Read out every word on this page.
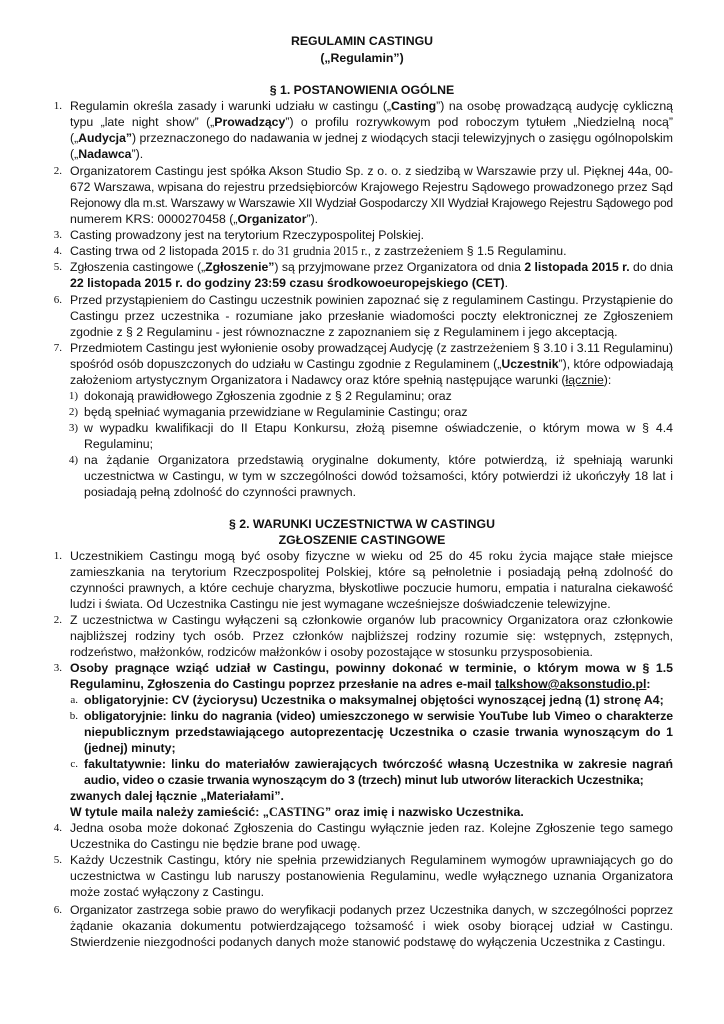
REGULAMIN CASTINGU
(„Regulamin”)
§ 1. POSTANOWIENIA OGÓLNE
1. Regulamin określa zasady i warunki udziału w castingu („Casting”) na osobę prowadzącą audycję cykliczną
typu „late night show” („Prowadzący”) o profilu rozrywkowym pod roboczym tytułem „Niedzielną nocą”
(„Audycja”) przeznaczonego do nadawania w jednej z wiodących stacji telewizyjnych o zasięgu ogólnopolskim
(„Nadawca”).
2. Organizatorem Castingu jest spółka Akson Studio Sp. z o. o. z siedzibą w Warszawie przy ul. Pięknej 44a, 00-
672 Warszawa, wpisana do rejestru przedsiębiorców Krajowego Rejestru Sądowego prowadzonego przez Sąd
Rejonowy dla m.st. Warszawy w Warszawie XII Wydział Gospodarczy XII Wydział Krajowego Rejestru Sądowego pod
numerem KRS: 0000270458 („Organizator”).
3. Casting prowadzony jest na terytorium Rzeczypospolitej Polskiej.
4. Casting trwa od 2 listopada 2015 r. do 31 grudnia 2015 r., z zastrzeżeniem § 1.5 Regulaminu.
5. Zgłoszenia castingowe („Zgłoszenie”) są przyjmowane przez Organizatora od dnia 2 listopada 2015 r. do dnia
22 listopada 2015 r. do godziny 23:59 czasu środkowoeuropejskiego (CET).
6. Przed przystąpieniem do Castingu uczestnik powinien zapoznać się z regulaminem Castingu. Przystąpienie do
Castingu przez uczestnika - rozumiane jako przesłanie wiadomości poczty elektronicznej ze Zgłoszeniem
zgodnie z § 2 Regulaminu - jest równoznaczne z zapoznaniem się z Regulaminem i jego akceptacją.
7. Przedmiotem Castingu jest wyłonienie osoby prowadzącej Audycję (z zastrzeżeniem § 3.10 i 3.11 Regulaminu)
spośród osób dopuszczonych do udziału w Castingu zgodnie z Regulaminem („Uczestnik”), które odpowiadają
założeniom artystycznym Organizatora i Nadawcy oraz które spełnią następujące warunki (łącznie):
1) dokonają prawidłowego Zgłoszenia zgodnie z § 2 Regulaminu; oraz
2) będą spełniać wymagania przewidziane w Regulaminie Castingu; oraz
3) w wypadku kwalifikacji do II Etapu Konkursu, złożą pisemne oświadczenie, o którym mowa w § 4.4
Regulaminu;
4) na żądanie Organizatora przedstawią oryginalne dokumenty, które potwierdzą, iż spełniają warunki
uczestnictwa w Castingu, w tym w szczególności dowód tożsamości, który potwierdzi iż ukończyły 18 lat i
posiadają pełną zdolność do czynności prawnych.
§ 2. WARUNKI UCZESTNICTWA W CASTINGU
ZGŁOSZENIE CASTINGOWE
1. Uczestnikiem Castingu mogą być osoby fizyczne w wieku od 25 do 45 roku życia mające stałe miejsce
zamieszkania na terytorium Rzeczpospolitej Polskiej, które są pełnoletnie i posiadają pełną zdolność do
czynności prawnych, a które cechuje charyzma, błyskotliwe poczucie humoru, empatia i naturalna ciekawość
ludzi i świata. Od Uczestnika Castingu nie jest wymagane wcześniejsze doświadczenie telewizyjne.
2. Z uczestnictwa w Castingu wyłączeni są członkowie organów lub pracownicy Organizatora oraz członkowie
najbliższej rodziny tych osób. Przez członków najbliższej rodziny rozumie się: wstępnych, zstępnych,
rodzeństwo, małżonków, rodziców małżonków i osoby pozostające w stosunku przysposobienia.
3. Osoby pragnące wziąć udział w Castingu, powinny dokonać w terminie, o którym mowa w § 1.5
Regulaminu, Zgłoszenia do Castingu poprzez przesłanie na adres e-mail talkshow@aksonstudio.pl:
a. obligatoryjnie: CV (życiorysu) Uczestnika o maksymalnej objętości wynoszącej jedną (1) stronę A4;
b. obligatoryjnie: linku do nagrania (video) umieszczonego w serwisie YouTube lub Vimeo o charakterze
niepublicznym przedstawiającego autoprezentację Uczestnika o czasie trwania wynoszącym do 1
(jednej) minuty;
c. fakultatywnie: linku do materiałów zawierających twórczość własną Uczestnika w zakresie nagrań
audio, video o czasie trwania wynoszącym do 3 (trzech) minut lub utworów literackich Uczestnika;
zwanych dalej łącznie „Materiałami”.
W tytule maila należy zamieścić: „CASTING” oraz imię i nazwisko Uczestnika.
4. Jedna osoba może dokonać Zgłoszenia do Castingu wyłącznie jeden raz. Kolejne Zgłoszenie tego samego
Uczestnika do Castingu nie będzie brane pod uwagę.
5. Każdy Uczestnik Castingu, który nie spełnia przewidzianych Regulaminem wymogów uprawniających go do
uczestnictwa w Castingu lub naruszy postanowienia Regulaminu, wedle wyłącznego uznania Organizatora
może zostać wyłączony z Castingu.
6. Organizator zastrzega sobie prawo do weryfikacji podanych przez Uczestnika danych, w szczególności poprzez
żądanie okazania dokumentu potwierdzającego tożsamość i wiek osoby biorącej udział w Castingu.
Stwierdzenie niezgodności podanych danych może stanowić podstawę do wyłączenia Uczestnika z Castingu.
